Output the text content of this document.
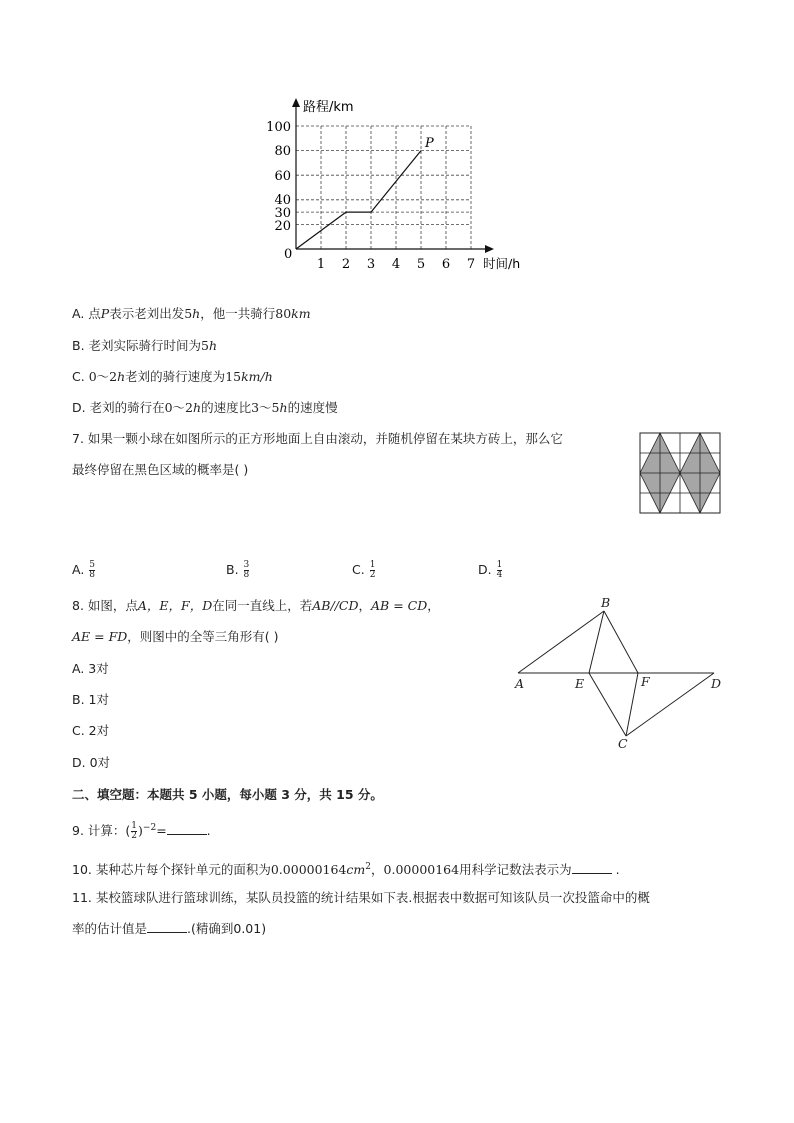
路程/km
时间/h
0
P
100
80
60
40
30
20
1 2 3 4 5 6 7
A. 点P表示老刘出发5h，他一共骑行80km
B. 老刘实际骑行时间为5h
C. 0～2h老刘的骑行速度为15km/h
D. 老刘的骑行在0～2h的速度比3～5h的速度慢
7. 如果一颗小球在如图所示的正方形地面上自由滚动，并随机停留在某块方砖上，那么它
最终停留在黑色区域的概率是( )
A. $\frac{5}{8}$	B. $\frac{3}{8}$	C. $\frac{1}{2}$	D. $\frac{1}{4}$
8. 如图，点A，E，F，D在同一直线上，若AB//CD，AB = CD，
AE = FD，则图中的全等三角形有( )
A. 3对
B. 1对
C. 2对
D. 0对
B
A	E	F	D
C
二、填空题：本题共 5 小题，每小题 3 分，共 15 分。
9. 计算：( $\frac{1}{2} )^{-2}=$	.
10. 某种芯片每个探针单元的面积为$0.00000164cm^2$，0.00000164用科学记数法表示为	.
11. 某校篮球队进行篮球训练，某队员投篮的统计结果如下表.根据表中数据可知该队员一次投篮命中的概
率的估计值是	.(精确到0.01)
